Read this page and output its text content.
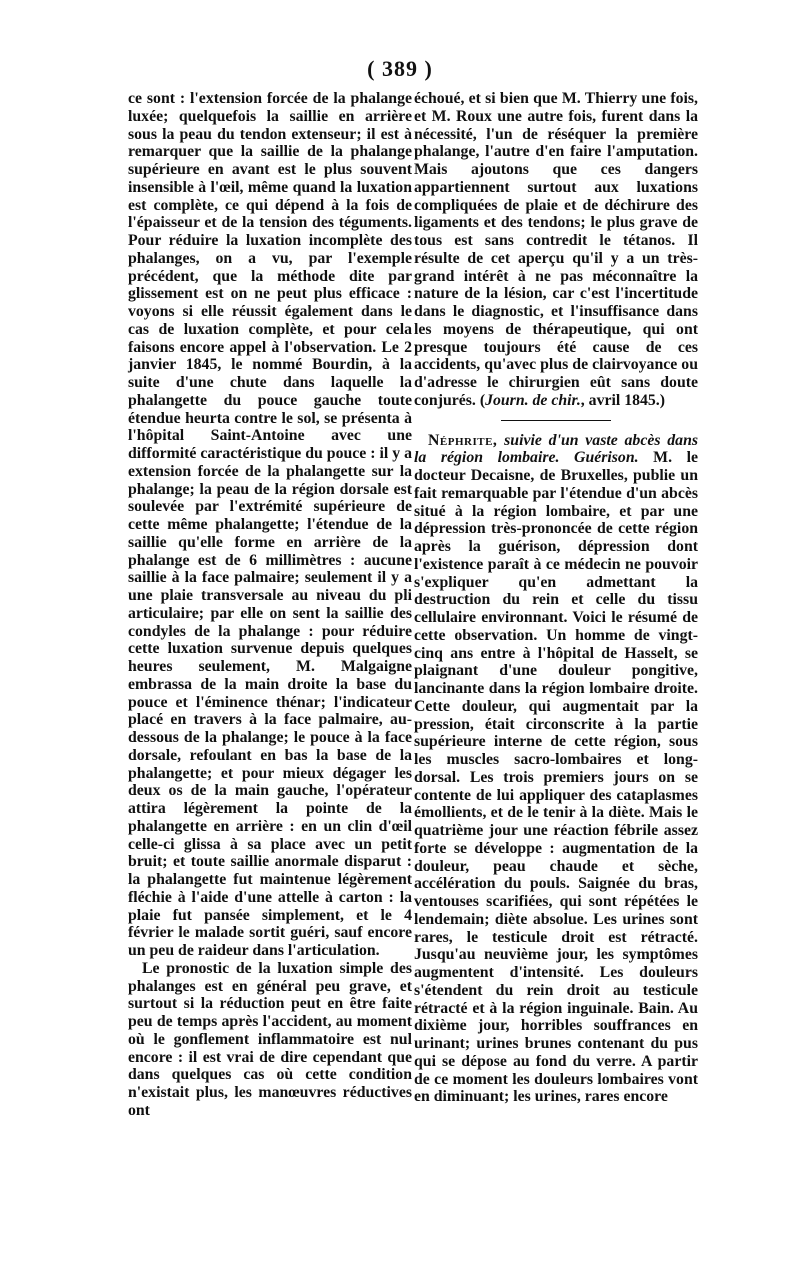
( 389 )

ce sont : l'extension forcée de la phalange luxée; quelquefois la saillie en arrière sous la peau du tendon extenseur; il est à remarquer que la saillie de la phalange supérieure en avant est le plus souvent insensible à l'œil, même quand la luxation est complète, ce qui dépend à la fois de l'épaisseur et de la tension des téguments. Pour réduire la luxation incomplète des phalanges, on a vu, par l'exemple précédent, que la méthode dite par glissement est on ne peut plus efficace : voyons si elle réussit également dans le cas de luxation complète, et pour cela faisons encore appel à l'observation. Le 2 janvier 1845, le nommé Bourdin, à la suite d'une chute dans laquelle la phalangette du pouce gauche toute étendue heurta contre le sol, se présenta à l'hôpital Saint-Antoine avec une difformité caractéristique du pouce : il y a extension forcée de la phalangette sur la phalange; la peau de la région dorsale est soulevée par l'extrémité supérieure de cette même phalangette; l'étendue de la saillie qu'elle forme en arrière de la phalange est de 6 millimètres : aucune saillie à la face palmaire; seulement il y a une plaie transversale au niveau du pli articulaire; par elle on sent la saillie des condyles de la phalange : pour réduire cette luxation survenue depuis quelques heures seulement, M. Malgaigne embrassa de la main droite la base du pouce et l'éminence thénar; l'indicateur placé en travers à la face palmaire, au-dessous de la phalange; le pouce à la face dorsale, refoulant en bas la base de la phalangette; et pour mieux dégager les deux os de la main gauche, l'opérateur attira légèrement la pointe de la phalangette en arrière : en un clin d'œil celle-ci glissa à sa place avec un petit bruit; et toute saillie anormale disparut : la phalangette fut maintenue légèrement fléchie à l'aide d'une attelle à carton : la plaie fut pansée simplement, et le 4 février le malade sortit guéri, sauf encore un peu de raideur dans l'articulation.

Le pronostic de la luxation simple des phalanges est en général peu grave, et surtout si la réduction peut en être faite peu de temps après l'accident, au moment où le gonflement inflammatoire est nul encore : il est vrai de dire cependant que dans quelques cas où cette condition n'existait plus, les manœuvres réductives ont

échoué, et si bien que M. Thierry une fois, et M. Roux une autre fois, furent dans la nécessité, l'un de réséquer la première phalange, l'autre d'en faire l'amputation. Mais ajoutons que ces dangers appartiennent surtout aux luxations compliquées de plaie et de déchirure des ligaments et des tendons; le plus grave de tous est sans contredit le tétanos. Il résulte de cet aperçu qu'il y a un très-grand intérêt à ne pas méconnaître la nature de la lésion, car c'est l'incertitude dans le diagnostic, et l'insuffisance dans les moyens de thérapeutique, qui ont presque toujours été cause de ces accidents, qu'avec plus de clairvoyance ou d'adresse le chirurgien eût sans doute conjurés. (Journ. de chir., avril 1845.)

Néphrite, suivie d'un vaste abcès dans la région lombaire. Guérison. M. le docteur Decaisne, de Bruxelles, publie un fait remarquable par l'étendue d'un abcès situé à la région lombaire, et par une dépression très-prononcée de cette région après la guérison, dépression dont l'existence paraît à ce médecin ne pouvoir s'expliquer qu'en admettant la destruction du rein et celle du tissu cellulaire environnant. Voici le résumé de cette observation. Un homme de vingt-cinq ans entre à l'hôpital de Hasselt, se plaignant d'une douleur pongitive, lancinante dans la région lombaire droite. Cette douleur, qui augmentait par la pression, était circonscrite à la partie supérieure interne de cette région, sous les muscles sacro-lombaires et long-dorsal. Les trois premiers jours on se contente de lui appliquer des cataplasmes émollients, et de le tenir à la diète. Mais le quatrième jour une réaction fébrile assez forte se développe : augmentation de la douleur, peau chaude et sèche, accélération du pouls. Saignée du bras, ventouses scarifiées, qui sont répétées le lendemain; diète absolue. Les urines sont rares, le testicule droit est rétracté. Jusqu'au neuvième jour, les symptômes augmentent d'intensité. Les douleurs s'étendent du rein droit au testicule rétracté et à la région inguinale. Bain. Au dixième jour, horribles souffrances en urinant; urines brunes contenant du pus qui se dépose au fond du verre. A partir de ce moment les douleurs lombaires vont en diminuant; les urines, rares encore
